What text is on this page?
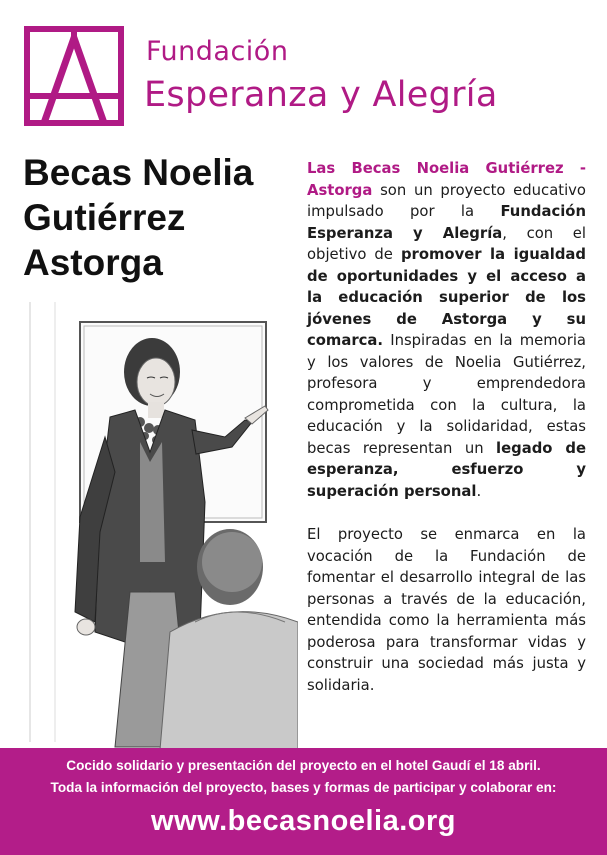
Fundación
Esperanza y Alegría
Becas Noelia
Gutiérrez
Astorga

Las Becas Noelia Gutiérrez - Astorga son un proyecto educativo impulsado por la Fundación Esperanza y Alegría, con el objetivo de promover la igualdad de oportunidades y el acceso a la educación superior de los jóvenes de Astorga y su comarca. Inspiradas en la memoria y los valores de Noelia Gutiérrez, profesora y emprendedora comprometida con la cultura, la educación y la solidaridad, estas becas representan un legado de esperanza, esfuerzo y superación personal.

El proyecto se enmarca en la vocación de la Fundación de fomentar el desarrollo integral de las personas a través de la educación, entendida como la herramienta más poderosa para transformar vidas y construir una sociedad más justa y solidaria.

Cocido solidario y presentación del proyecto en el hotel Gaudí el 18 abril.
Toda la información del proyecto, bases y formas de participar y colaborar en:
www.becasnoelia.org
